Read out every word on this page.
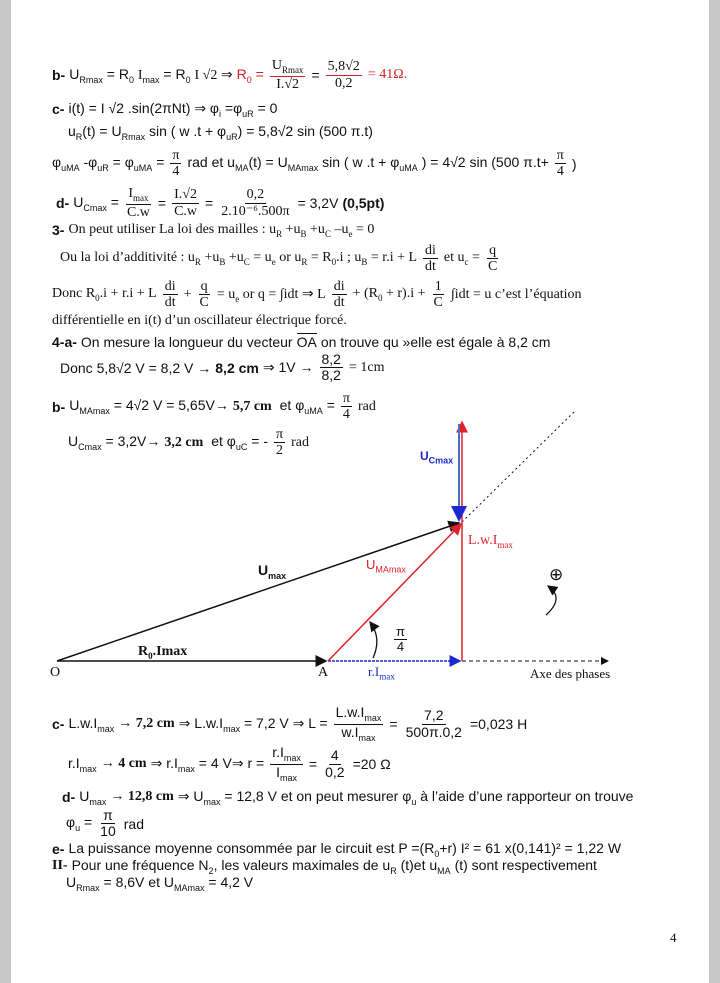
b- $U_{Rmax} = R_0$ $I_{max} = R_0$ I √2 ⇒ $R_0$ =
$U_{Rmax}$
I.√2
= $\frac{5,8√2}{0,2} = 41\Omega$.
c- i(t) = I √2 .sin(2πNt) ⇒ $\varphi_i =\varphi_{uR} = 0$
$u_R(t) = U_{Rmax}$ sin ( w $.t + \varphi_{uR}) = 5,8√2$ sin (500 π.t)
$\varphi_{uMA}$ $-\varphi_{uR} = \varphi_{uMA} = \frac{\pi}{4}$ rad et $u_{MA}(t) = U_{MAmax}$ sin ( w $.t + \varphi_{uMA}$ ) = 4√2 sin (500 $\pi.t+ \frac{\pi}{4}$ )
d- $U_{Cmax}$ =
$I_{max}$
C.w
= $\frac{I.√2}{C.w} = \frac{0,2}{\text{2.10⁻⁶.500π}} = 3,2V$ (0,5pt)
3- On peut utiliser La loi des mailles : $u_R +u_B +u_C$ $-u_e = 0$
Ou la loi d’additivité : $u_R +u_B +u_C = u_e$ or $u_R = R_0.i$ ; $u_B = r.i + L$ di
dt
et $u_c = \frac{q}{C}$
Donc $R_0.i + r.i + L$ di
dt
+ $\frac{q}{C} = u_e$ or q = ∫idt ⇒ L
di
dt
+ $(R_0 + r).i + \frac{1}{C} \int idt = u$ c’est l’équation
différentielle en i(t) d’un oscillateur électrique forcé.
4-a- On mesure la longueur du vecteur OA on trouve qu »elle est égale à 8,2 cm
Donc 5,8√2 V = 8,2 V → 8,2 cm ⇒ $1V \to \frac{8,2}{8,2} = 1cm$
b- $U_{MAmax} = 4√2$ V = 5,65V→ 5,7 cm et $\varphi_{uMA} = \frac{\pi}{4}$ rad
$U_{Cmax} = 3,2V\to 3,2$ cm et $\varphi_{uC}$ = - π
2
rad
$U_{Cmax}$
$L.w.I_{max}$
$U_{max}$
$U_{MAmax}$	⊕
π
4
$R_0.Imax$
O	A	$r.I_{max}$	Axe des phases
c- $L.w.I_{max} \to 7,2$ cm ⇒ $L.w.I_{max} = 7,2$ V ⇒ L =
$L.w.I_{max}$
$w.I_{max}$
= $\frac{7,2}{500\pi.0,2} =0,023$ H
$r.I_{max} \to 4$ cm ⇒ $r.I_{max} = 4$ V⇒ r =
$r.I_{max}$
$I_{max}$
= $\frac{4}{0,2} =20$ Ω
d- $U_{max} \to 12,8$ cm ⇒ $U_{max} = 12,8$ V et on peut mesurer $\varphi_u$ à l’aide d’une rapporteur on trouve
$\varphi_u = \frac{\pi}{10}$ rad
e- La puissance moyenne consommée par le circuit est $P =(R_0+r) I^2 = 61$ x(0,141)² = 1,22 W
II- Pour une fréquence $N_2$, les valeurs maximales de $u_R$ (t)et $u_{MA}$ (t) sont respectivement
$U_{Rmax} = 8,6V$ et $U_{MAmax} = 4,2$ V
4
